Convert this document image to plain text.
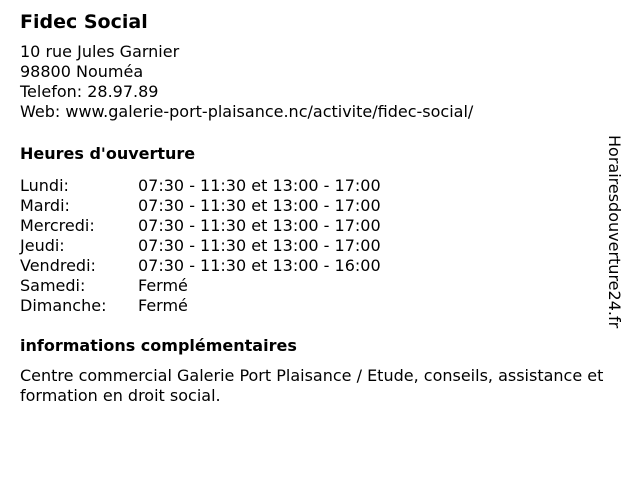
Fidec Social
10 rue Jules Garnier
98800 Nouméa
Telefon: 28.97.89
Web: www.galerie-port-plaisance.nc/activite/fidec-social/
Heures d'ouverture
Lundi:	07:30 - 11:30 et 13:00 - 17:00
Mardi:	07:30 - 11:30 et 13:00 - 17:00
Mercredi:	07:30 - 11:30 et 13:00 - 17:00
Jeudi:	07:30 - 11:30 et 13:00 - 17:00
Vendredi:	07:30 - 11:30 et 13:00 - 16:00
Samedi:	Fermé
Dimanche:	Fermé
informations complémentaires
Centre commercial Galerie Port Plaisance / Etude, conseils, assistance et formation en droit social.
Horairesdouverture24.fr
